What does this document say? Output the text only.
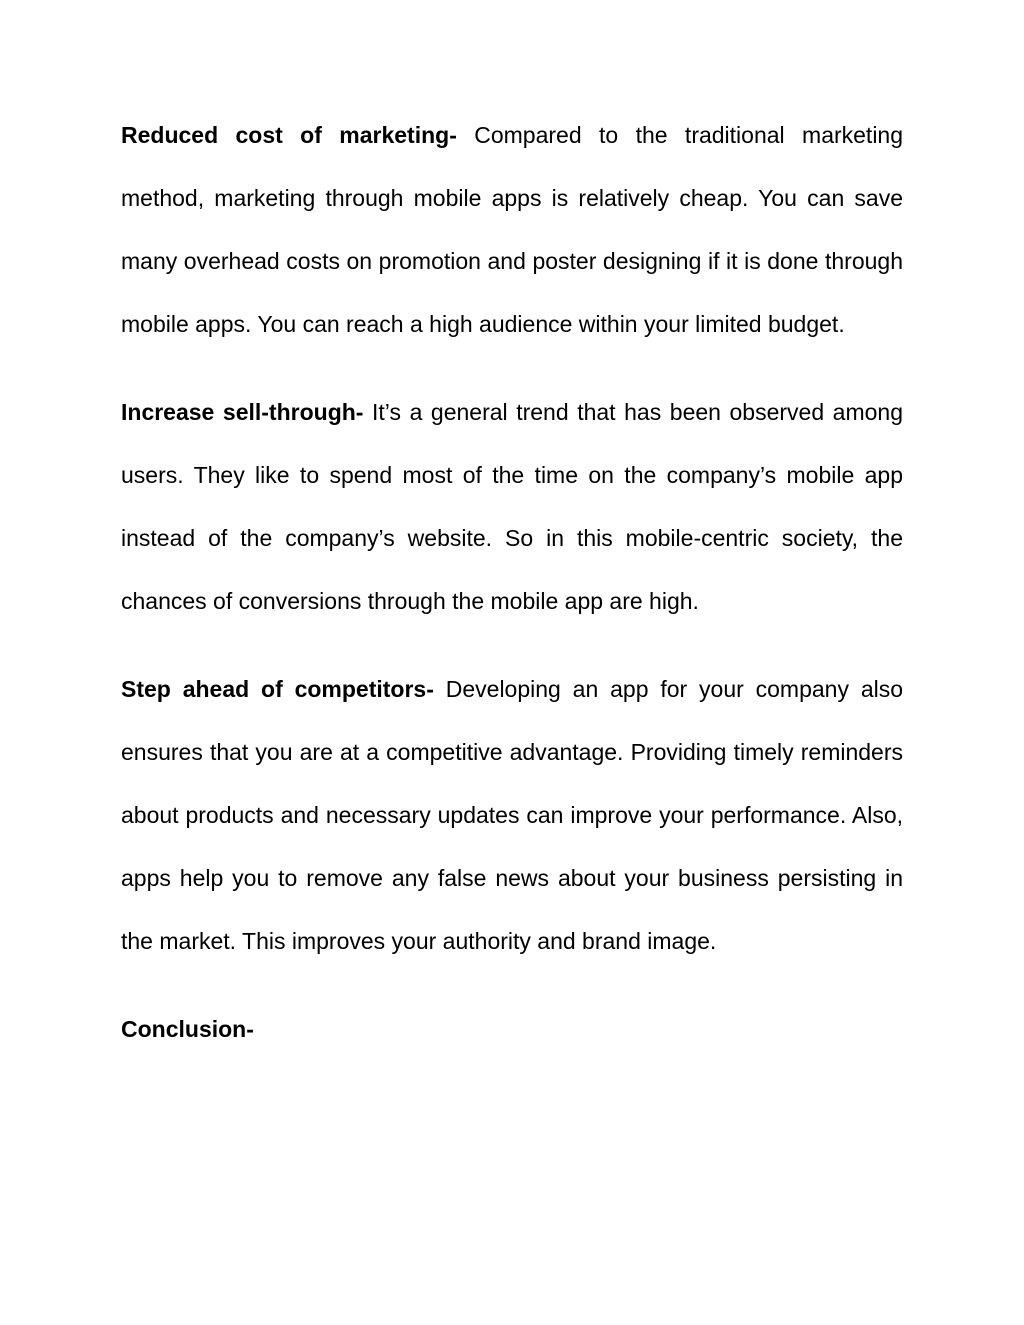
Reduced cost of marketing- Compared to the traditional marketing method, marketing through mobile apps is relatively cheap. You can save many overhead costs on promotion and poster designing if it is done through mobile apps. You can reach a high audience within your limited budget.

Increase sell-through- It’s a general trend that has been observed among users. They like to spend most of the time on the company’s mobile app instead of the company’s website. So in this mobile-centric society, the chances of conversions through the mobile app are high.

Step ahead of competitors- Developing an app for your company also ensures that you are at a competitive advantage. Providing timely reminders about products and necessary updates can improve your performance. Also, apps help you to remove any false news about your business persisting in the market. This improves your authority and brand image.

Conclusion-
